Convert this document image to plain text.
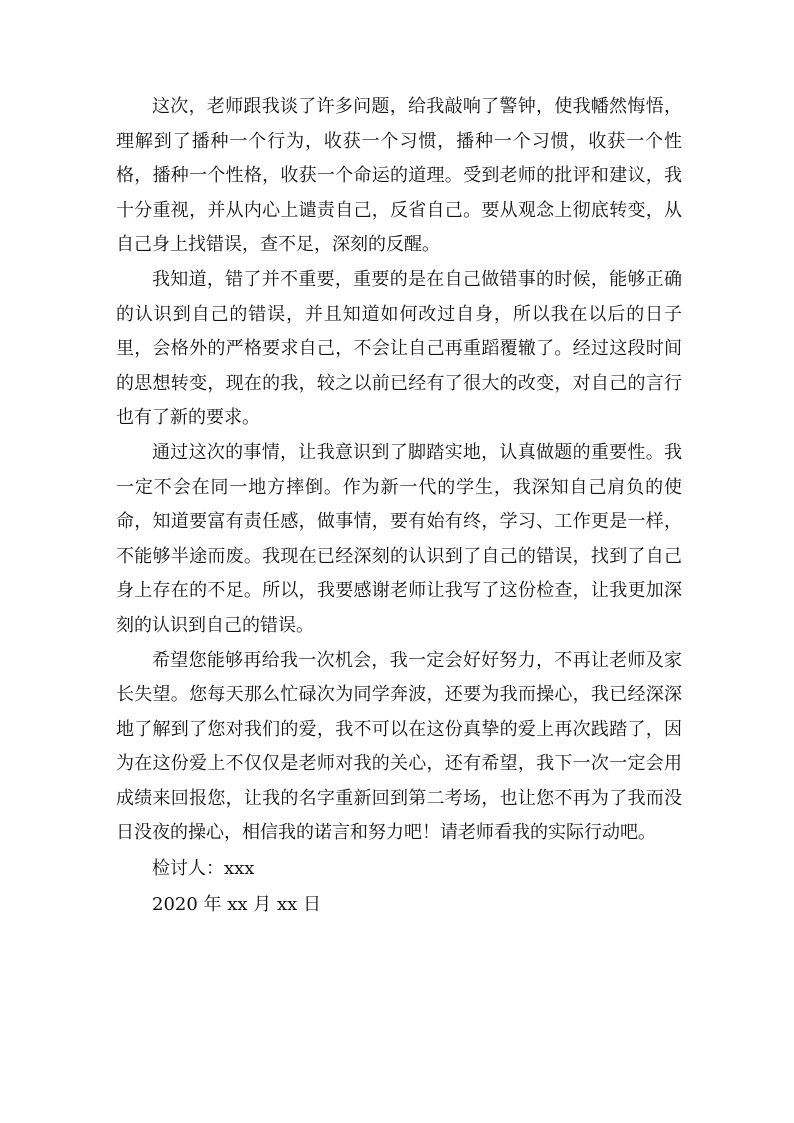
这次，老师跟我谈了许多问题，给我敲响了警钟，使我幡然悔悟，理解到了播种一个行为，收获一个习惯，播种一个习惯，收获一个性格，播种一个性格，收获一个命运的道理。受到老师的批评和建议，我十分重视，并从内心上谴责自己，反省自己。要从观念上彻底转变，从自己身上找错误，查不足，深刻的反醒。

我知道，错了并不重要，重要的是在自己做错事的时候，能够正确的认识到自己的错误，并且知道如何改过自身，所以我在以后的日子里，会格外的严格要求自己，不会让自己再重蹈覆辙了。经过这段时间的思想转变，现在的我，较之以前已经有了很大的改变，对自己的言行也有了新的要求。

通过这次的事情，让我意识到了脚踏实地，认真做题的重要性。我一定不会在同一地方摔倒。作为新一代的学生，我深知自己肩负的使命，知道要富有责任感，做事情，要有始有终，学习、工作更是一样，不能够半途而废。我现在已经深刻的认识到了自己的错误，找到了自己身上存在的不足。所以，我要感谢老师让我写了这份检查，让我更加深刻的认识到自己的错误。

希望您能够再给我一次机会，我一定会好好努力，不再让老师及家长失望。您每天那么忙碌次为同学奔波，还要为我而操心，我已经深深地了解到了您对我们的爱，我不可以在这份真挚的爱上再次践踏了，因为在这份爱上不仅仅是老师对我的关心，还有希望，我下一次一定会用成绩来回报您，让我的名字重新回到第二考场，也让您不再为了我而没日没夜的操心，相信我的诺言和努力吧！请老师看我的实际行动吧。

检讨人：xxx

2020 年 xx 月 xx 日
